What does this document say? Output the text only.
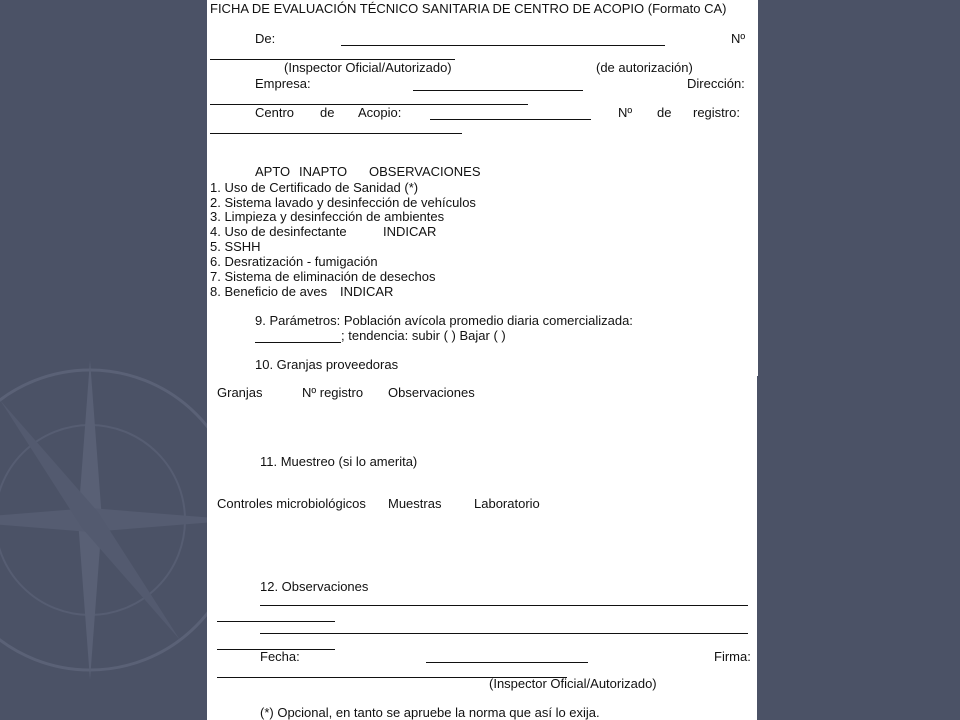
FICHA DE EVALUACIÓN TÉCNICO SANITARIA DE CENTRO DE ACOPIO (Formato CA)
De:	Nº
(Inspector Oficial/Autorizado)	(de autorización)
Empresa:	Dirección:
Centro de Acopio:	Nº de registro:
APTO INAPTO OBSERVACIONES
1. Uso de Certificado de Sanidad (*)
2. Sistema lavado y desinfección de vehículos
3. Limpieza y desinfección de ambientes
4. Uso de desinfectante	INDICAR
5. SSHH
6. Desratización - fumigación
7. Sistema de eliminación de desechos
8. Beneficio de aves INDICAR
9. Parámetros: Población avícola promedio diaria comercializada:
; tendencia: subir ( ) Bajar ( )
10. Granjas proveedoras
Granjas	Nº registro Observaciones
11. Muestreo (si lo amerita)
Controles microbiológicos Muestras	Laboratorio
12. Observaciones
Fecha:	Firma:
(Inspector Oficial/Autorizado)
(*) Opcional, en tanto se apruebe la norma que así lo exija.
